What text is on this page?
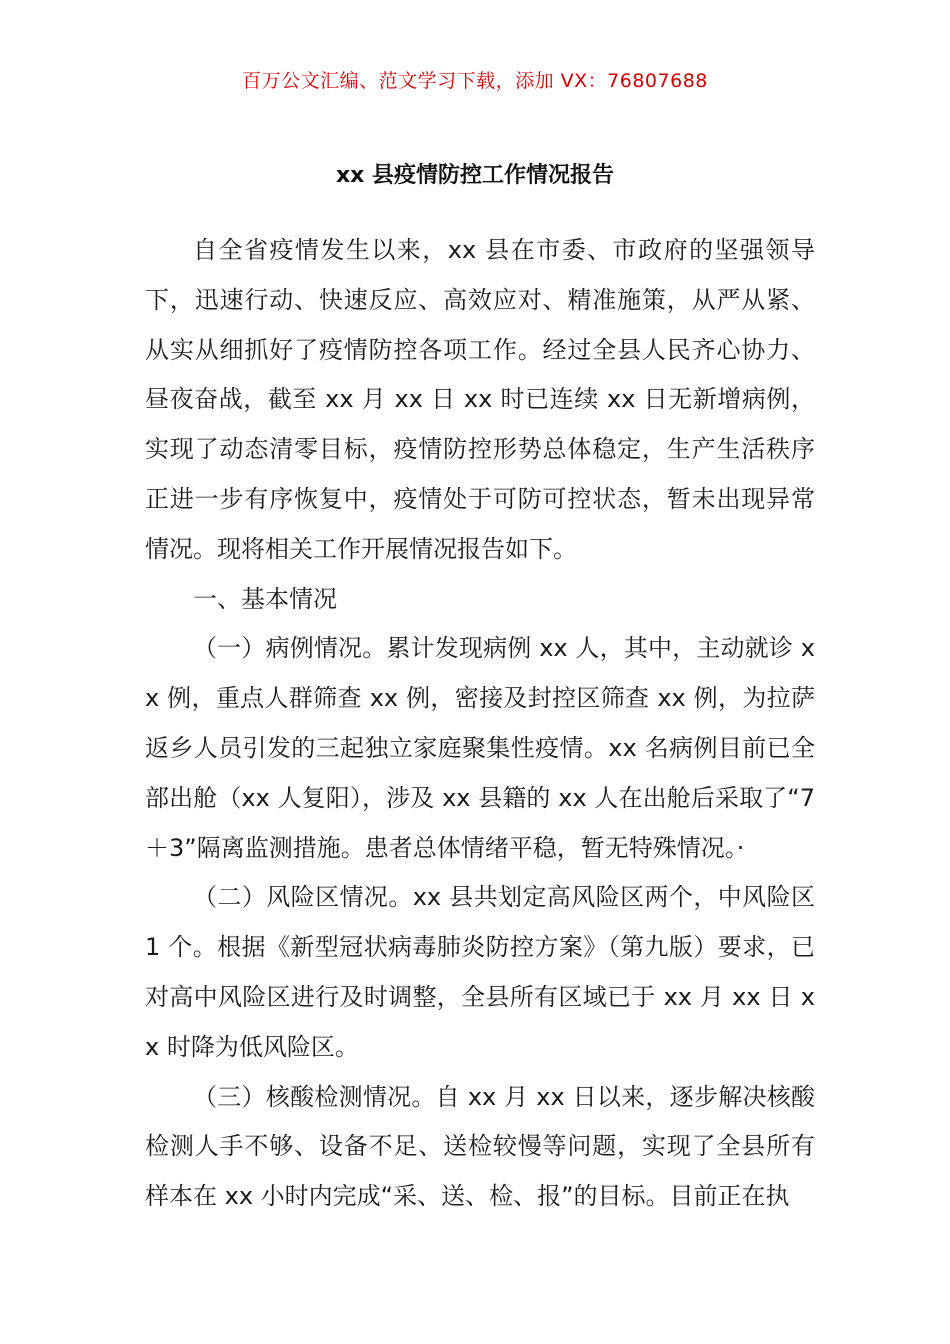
百万公文汇编、范文学习下载，添加 VX：76807688
xx 县疫情防控工作情况报告

自全省疫情发生以来，xx 县在市委、市政府的坚强领导下，迅速行动、快速反应、高效应对、精准施策，从严从紧、从实从细抓好了疫情防控各项工作。经过全县人民齐心协力、昼夜奋战，截至 xx 月 xx 日 xx 时已连续 xx 日无新增病例，实现了动态清零目标，疫情防控形势总体稳定，生产生活秩序正进一步有序恢复中，疫情处于可防可控状态，暂未出现异常情况。现将相关工作开展情况报告如下。

一、基本情况

（一）病例情况。累计发现病例 xx 人，其中，主动就诊 xx 例，重点人群筛查 xx 例，密接及封控区筛查 xx 例，为拉萨返乡人员引发的三起独立家庭聚集性疫情。xx 名病例目前已全部出舱（xx 人复阳），涉及 xx 县籍的 xx 人在出舱后采取了“7＋3”隔离监测措施。患者总体情绪平稳，暂无特殊情况。·

（二）风险区情况。xx 县共划定高风险区两个，中风险区 1 个。根据《新型冠状病毒肺炎防控方案》（第九版）要求，已对高中风险区进行及时调整，全县所有区域已于 xx 月 xx 日 xx 时降为低风险区。

（三）核酸检测情况。自 xx 月 xx 日以来，逐步解决核酸检测人手不够、设备不足、送检较慢等问题，实现了全县所有样本在 xx 小时内完成“采、送、检、报”的目标。目前正在执
